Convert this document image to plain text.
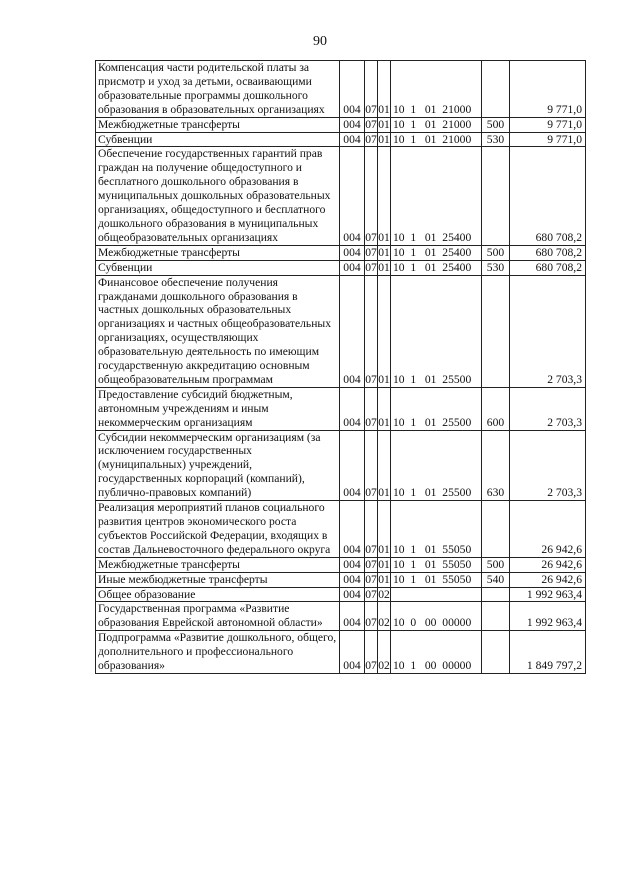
90
Компенсация части родительской платы за присмотр и уход за детьми, осваивающими образовательные программы дошкольного образования в образовательных организациях	004	07	01	10  1   01  21000		9 771,0
Межбюджетные трансферты	004	07	01	10  1   01  21000	500	9 771,0
Субвенции	004	07	01	10  1   01  21000	530	9 771,0
Обеспечение государственных гарантий прав граждан на получение общедоступного и бесплатного дошкольного образования в муниципальных дошкольных образовательных организациях, общедоступного и бесплатного дошкольного образования в муниципальных общеобразовательных организациях	004	07	01	10  1   01  25400		680 708,2
Межбюджетные трансферты	004	07	01	10  1   01  25400	500	680 708,2
Субвенции	004	07	01	10  1   01  25400	530	680 708,2
Финансовое обеспечение получения гражданами дошкольного образования в частных дошкольных образовательных организациях и частных общеобразовательных организациях, осуществляющих образовательную деятельность по имеющим государственную аккредитацию основным общеобразовательным программам	004	07	01	10  1   01  25500		2 703,3
Предоставление субсидий бюджетным, автономным учреждениям и иным некоммерческим организациям	004	07	01	10  1   01  25500	600	2 703,3
Субсидии некоммерческим организациям (за исключением государственных (муниципальных) учреждений, государственных корпораций (компаний), публично-правовых компаний)	004	07	01	10  1   01  25500	630	2 703,3
Реализация мероприятий планов социального развития центров экономического роста субъектов Российской Федерации, входящих в состав Дальневосточного федерального округа	004	07	01	10  1   01  55050		26 942,6
Межбюджетные трансферты	004	07	01	10  1   01  55050	500	26 942,6
Иные межбюджетные трансферты	004	07	01	10  1   01  55050	540	26 942,6
Общее образование	004	07	02			1 992 963,4
Государственная программа «Развитие образования Еврейской автономной области»	004	07	02	10  0   00  00000		1 992 963,4
Подпрограмма «Развитие дошкольного, общего, дополнительного и профессионального образования»	004	07	02	10  1   00  00000		1 849 797,2
